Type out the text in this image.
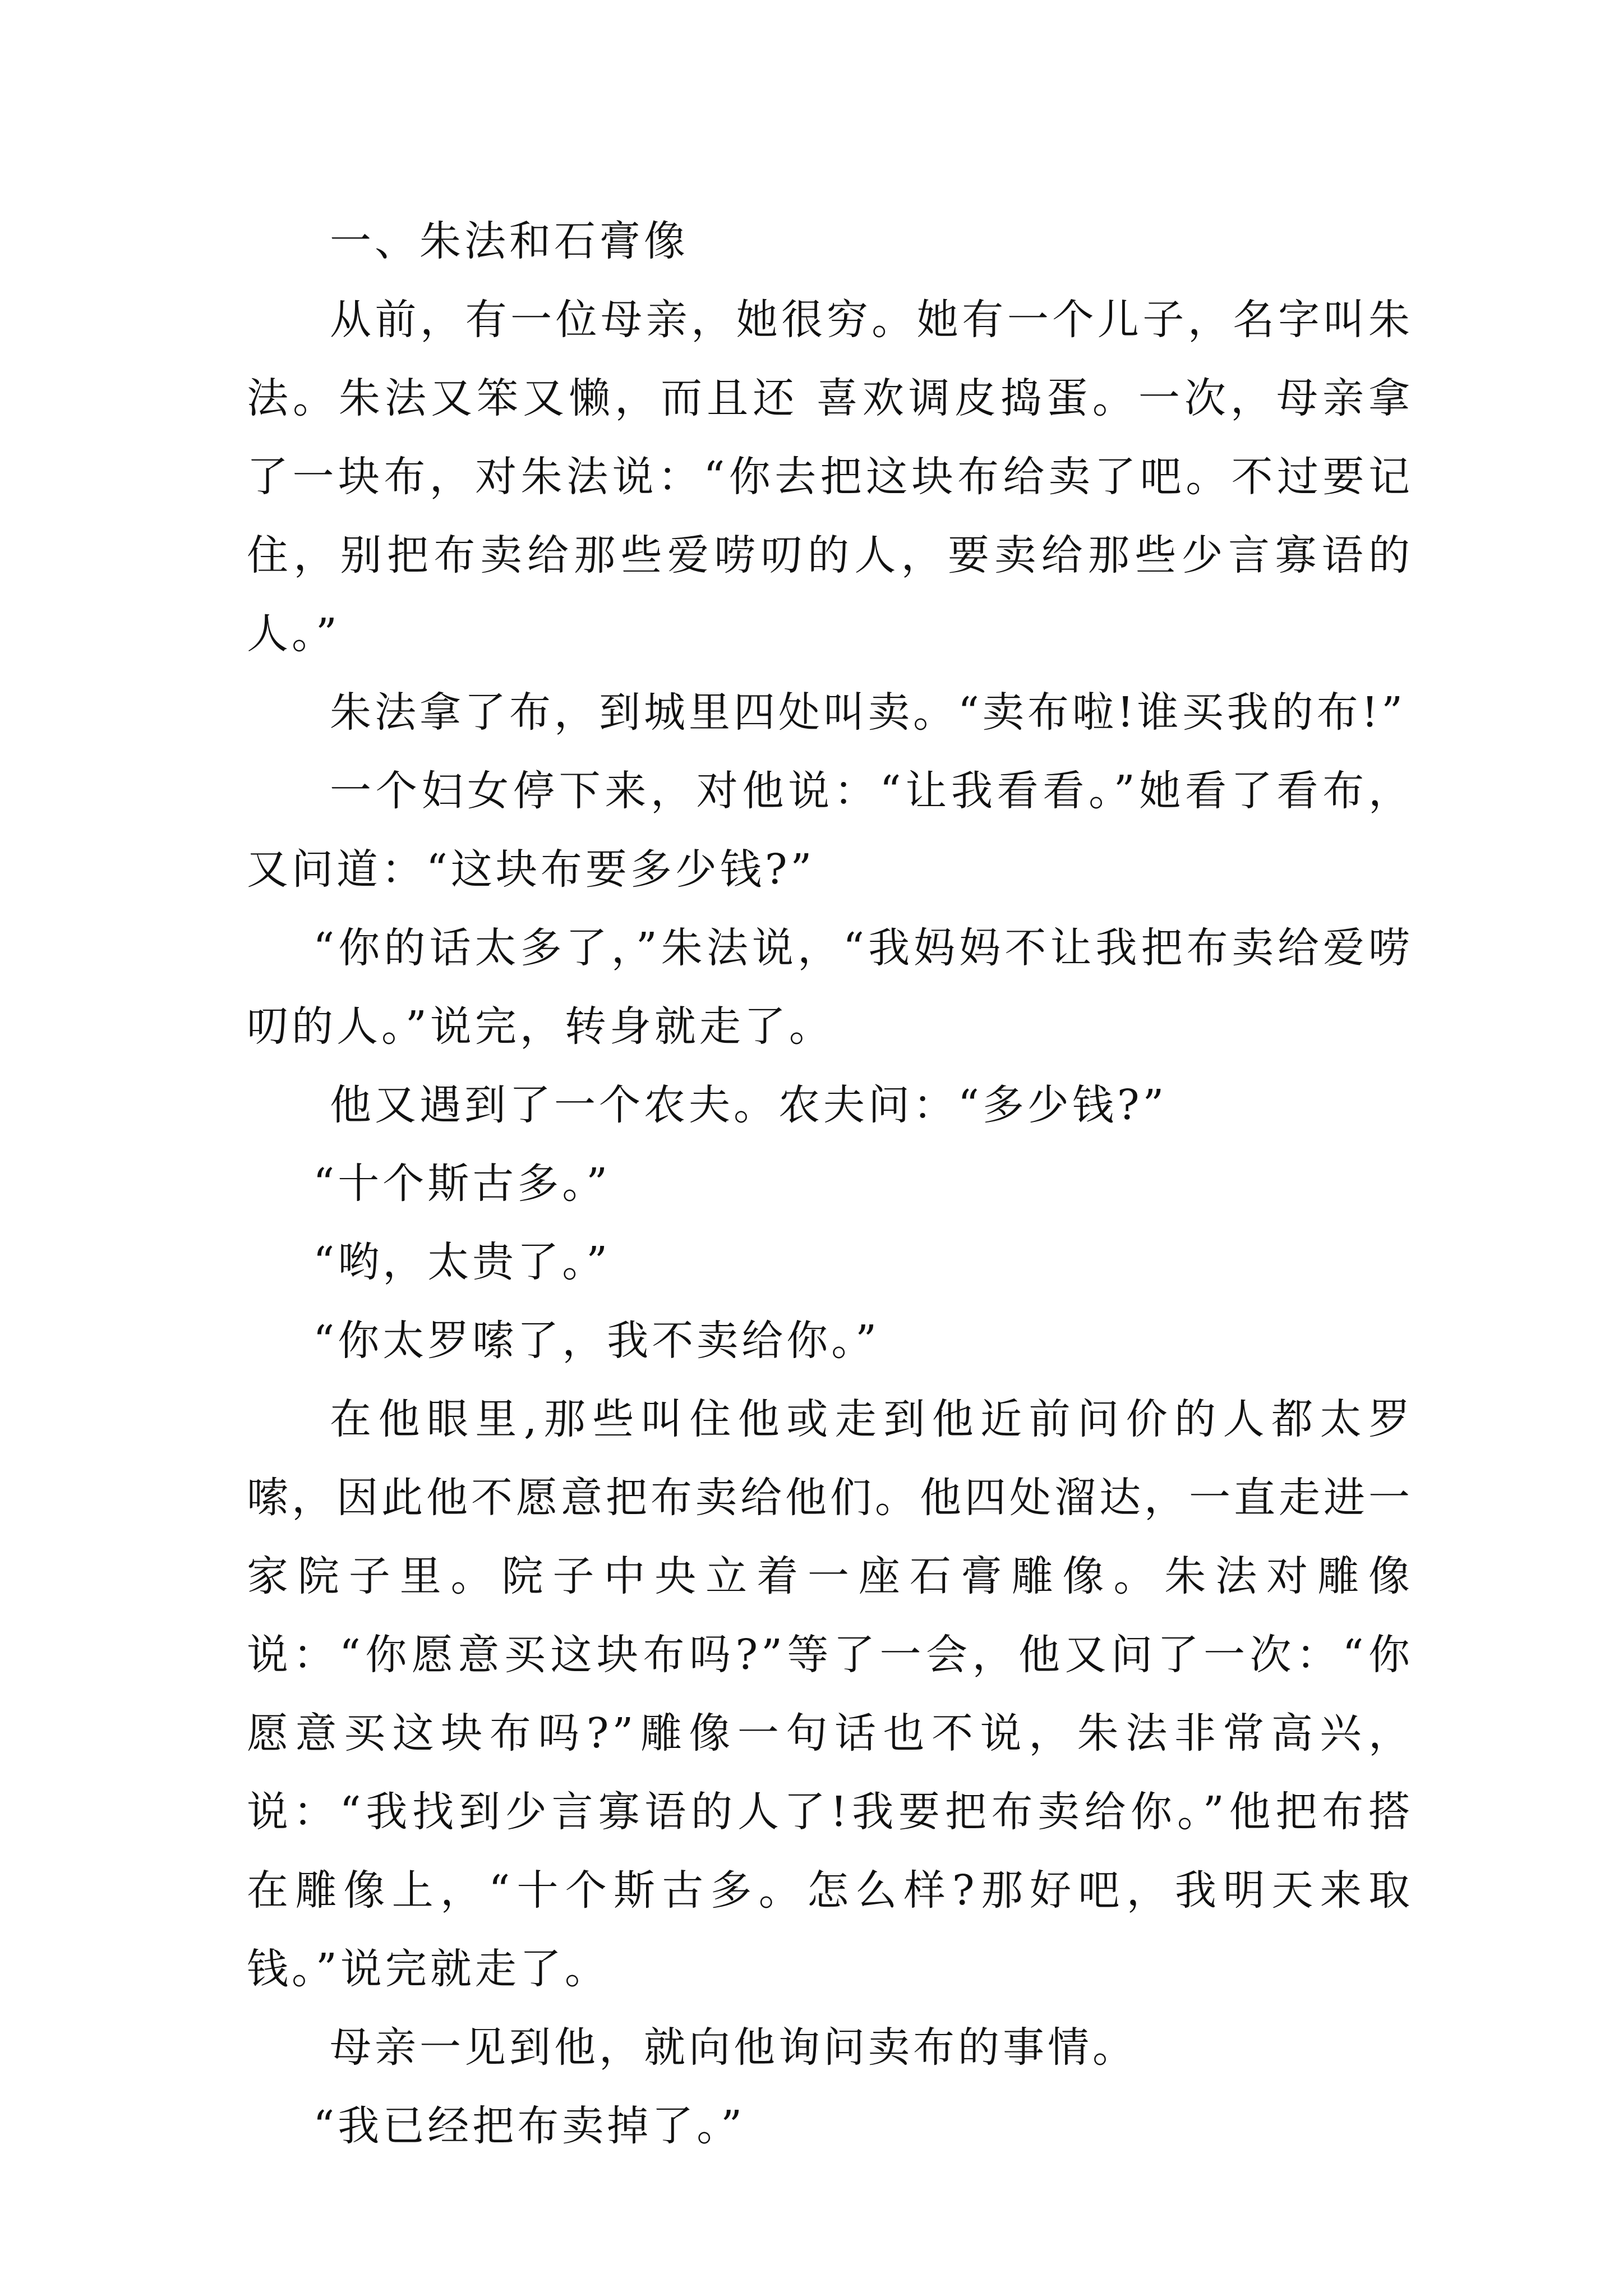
一、朱法和石膏像

从前，有一位母亲，她很穷。她有一个儿子，名字叫朱法。朱法又笨又懒，而且还 喜欢调皮捣蛋。一次，母亲拿了一块布，对朱法说：“你去把这块布给卖了吧。不过要记住，别把布卖给那些爱唠叨的人，要卖给那些少言寡语的人。”

朱法拿了布，到城里四处叫卖。“卖布啦!谁买我的布!”

一个妇女停下来，对他说：“让我看看。”她看了看布，又问道：“这块布要多少钱?”

“你的话太多了，”朱法说，“我妈妈不让我把布卖给爱唠叨的人。”说完，转身就走了。

他又遇到了一个农夫。农夫问：“多少钱?”

“十个斯古多。”

“哟，太贵了。”

“你太罗嗦了，我不卖给你。”

在他眼里,那些叫住他或走到他近前问价的人都太罗嗦，因此他不愿意把布卖给他们。他四处溜达，一直走进一家院子里。院子中央立着一座石膏雕像。朱法对雕像说：“你愿意买这块布吗?”等了一会，他又问了一次：“你愿意买这块布吗?”雕像一句话也不说，朱法非常高兴，说：“我找到少言寡语的人了!我要把布卖给你。”他把布搭在雕像上，“十个斯古多。怎么样?那好吧，我明天来取钱。”说完就走了。

母亲一见到他，就向他询问卖布的事情。

“我已经把布卖掉了。”
